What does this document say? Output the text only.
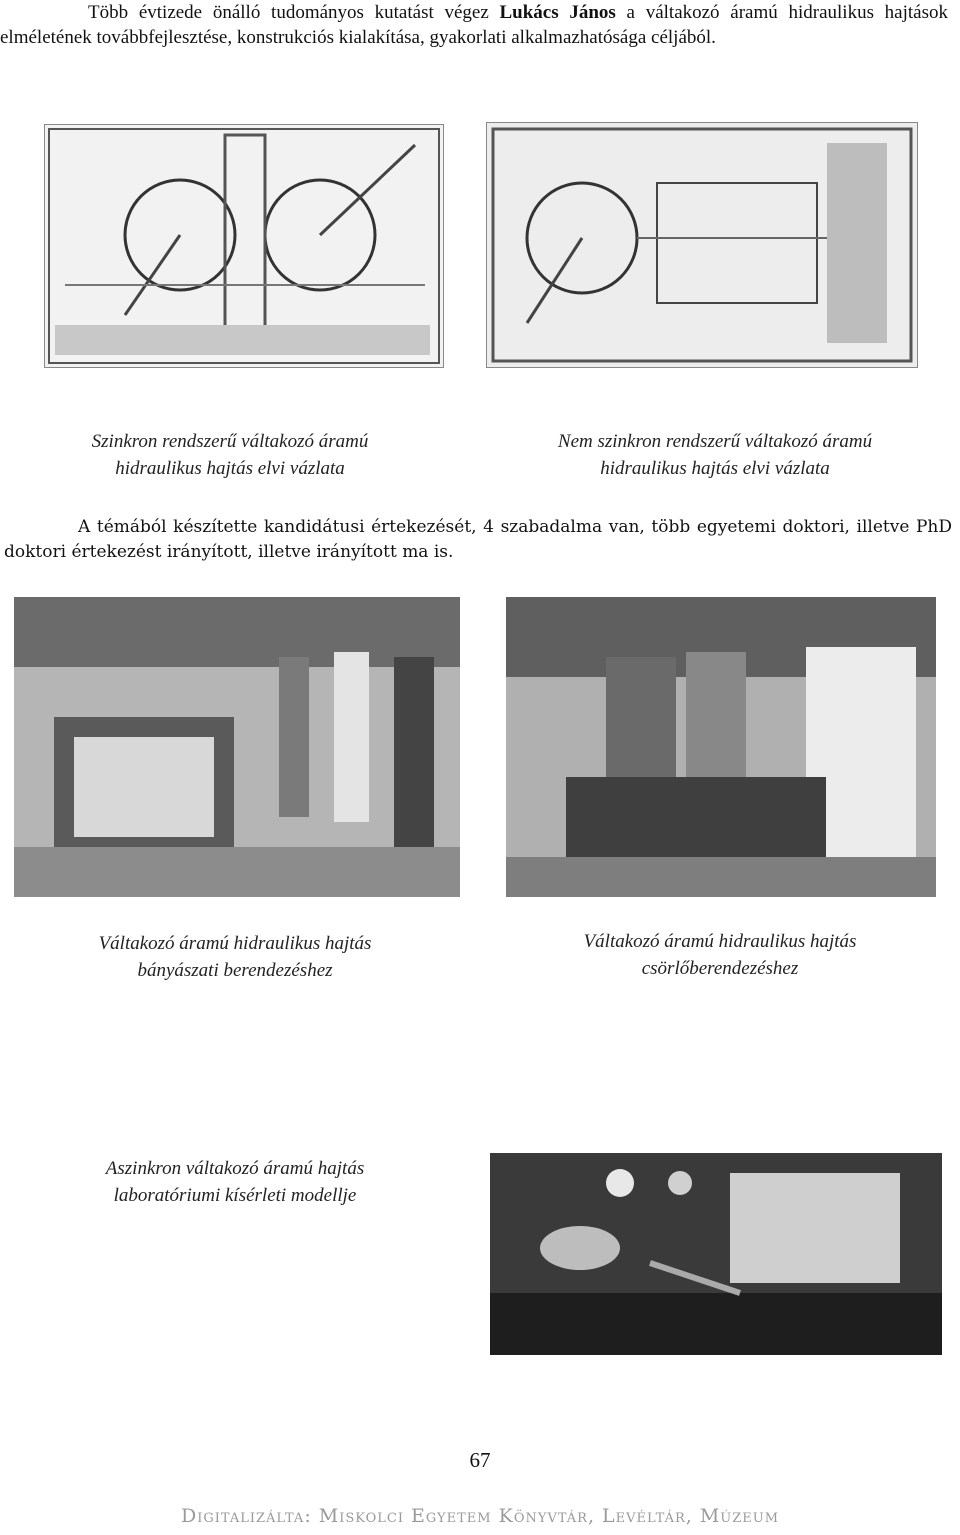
Több évtizede önálló tudományos kutatást végez Lukács János a váltakozó áramú hidraulikus hajtások elméletének továbbfejlesztése, konstrukciós kialakítása, gyakorlati alkalmazhatósága céljából.
Szinkron rendszerű váltakozó áramú
hidraulikus hajtás elvi vázlata
Nem szinkron rendszerű váltakozó áramú
hidraulikus hajtás elvi vázlata
A témából készítette kandidátusi értekezését, 4 szabadalma van, több egyetemi doktori, illetve PhD doktori értekezést irányított, illetve irányított ma is.
Váltakozó áramú hidraulikus hajtás
bányászati berendezéshez
Váltakozó áramú hidraulikus hajtás
csörlőberendezéshez
Aszinkron váltakozó áramú hajtás
laboratóriumi kísérleti modellje
67
Digitalizálta: Miskolci Egyetem Könyvtár, Levéltár, Múzeum
